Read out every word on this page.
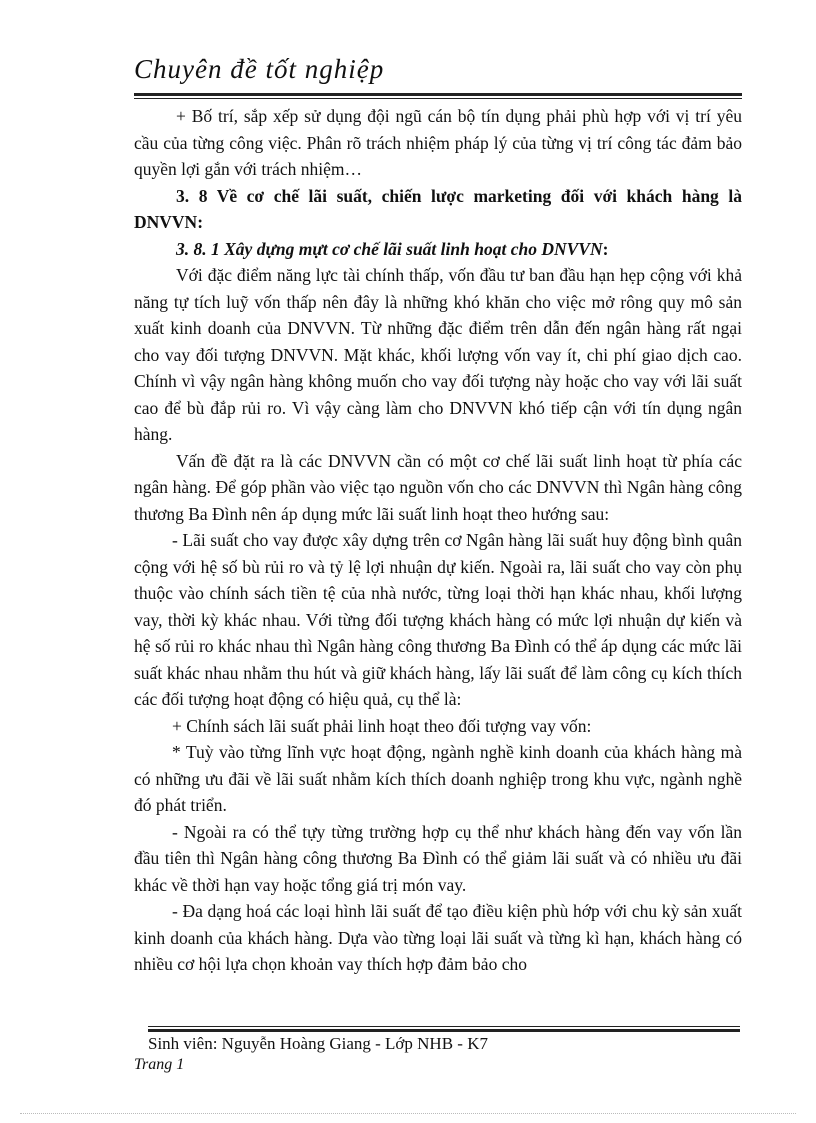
Chuyên đề tốt nghiệp

+ Bố trí, sắp xếp sử dụng đội ngũ cán bộ tín dụng phải phù hợp với vị trí yêu cầu của từng công việc. Phân rõ trách nhiệm pháp lý của từng vị trí công tác đảm bảo quyền lợi gắn với trách nhiệm…

3. 8 Về cơ chế lãi suất, chiến lược marketing đối với khách hàng là DNVVN:

3. 8. 1 Xây dựng mựt cơ chế lãi suất linh hoạt cho DNVVN:

Với đặc điểm năng lực tài chính thấp, vốn đầu tư ban đầu hạn hẹp cộng với khả năng tự tích luỹ vốn thấp nên đây là những khó khăn cho việc mở rông quy mô sản xuất kinh doanh của DNVVN. Từ những đặc điểm trên dẫn đến ngân hàng rất ngại cho vay đối tượng DNVVN. Mặt khác, khối lượng vốn vay ít, chi phí giao dịch cao. Chính vì vậy ngân hàng không muốn cho vay đối tượng này hoặc cho vay với lãi suất cao để bù đắp rủi ro. Vì vậy càng làm cho DNVVN khó tiếp cận với tín dụng ngân hàng.

Vấn đề đặt ra là các DNVVN cần có một cơ chế lãi suất linh hoạt từ phía các ngân hàng. Để góp phần vào việc tạo nguồn vốn cho các DNVVN thì Ngân hàng công thương Ba Đình nên áp dụng mức lãi suất linh hoạt theo hướng sau:

- Lãi suất cho vay được xây dựng trên cơ Ngân hàng lãi suất huy động bình quân cộng với hệ số bù rủi ro và tỷ lệ lợi nhuận dự kiến. Ngoài ra, lãi suất cho vay còn phụ thuộc vào chính sách tiền tệ của nhà nước, từng loại thời hạn khác nhau, khối lượng vay, thời kỳ khác nhau. Với từng đối tượng khách hàng có mức lợi nhuận dự kiến và hệ số rủi ro khác nhau thì Ngân hàng công thương Ba Đình có thể áp dụng các mức lãi suất khác nhau nhằm thu hút và giữ khách hàng, lấy lãi suất để làm công cụ kích thích các đối tượng hoạt động có hiệu quả, cụ thể là:

+ Chính sách lãi suất phải linh hoạt theo đối tượng vay vốn:

* Tuỳ vào từng lĩnh vực hoạt động, ngành nghề kinh doanh của khách hàng mà có những ưu đãi về lãi suất nhằm kích thích doanh nghiệp trong khu vực, ngành nghề đó phát triển.

- Ngoài ra có thể tựy từng trường hợp cụ thể như khách hàng đến vay vốn lần đầu tiên thì Ngân hàng công thương Ba Đình có thể giảm lãi suất và có nhiều ưu đãi khác về thời hạn vay hoặc tổng giá trị món vay.

- Đa dạng hoá các loại hình lãi suất để tạo điều kiện phù hớp với chu kỳ sản xuất kinh doanh của khách hàng. Dựa vào từng loại lãi suất và từng kì hạn, khách hàng có nhiều cơ hội lựa chọn khoản vay thích hợp đảm bảo cho

Sinh viên: Nguyễn Hoàng Giang - Lớp NHB - K7
Trang 1
